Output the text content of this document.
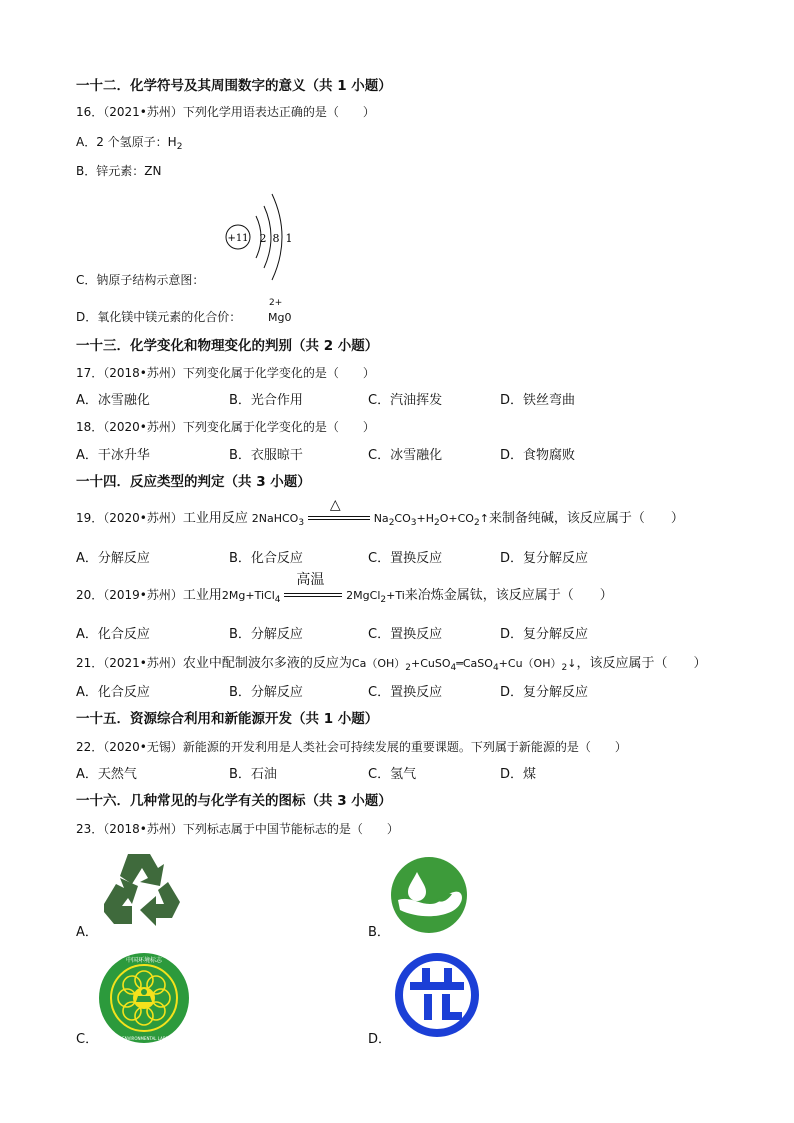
一十二．化学符号及其周围数字的意义（共 1 小题）
16．（2021•苏州）下列化学用语表达正确的是（　　）
A．2 个氢原子：$H_2$
B．锌元素：ZN
+11 2 8 1
C．钠原子结构示意图：
D．氧化镁中镁元素的化合价：
2+
Mg0
一十三．化学变化和物理变化的判别（共 2 小题）
17．（2018•苏州）下列变化属于化学变化的是（　　）
A．冰雪融化	B．光合作用	C．汽油挥发	D．铁丝弯曲
18．（2020•苏州）下列变化属于化学变化的是（　　）
A．干冰升华	B．衣服晾干	C．冰雪融化	D．食物腐败
一十四．反应类型的判定（共 3 小题）
19．（2020•苏州）工业用反应 2NaHCO$_3$
△
$Na_2CO_3+H_2O+CO_2↑$来制备纯碱，该反应属于（　　）
A．分解反应	B．化合反应	C．置换反应	D．复分解反应
20．（2019•苏州）工业用2Mg+TiCl$_4$
高温
2MgCl$_2$+Ti来冶炼金属钛，该反应属于（　　）
A．化合反应	B．分解反应	C．置换反应	D．复分解反应
21．（2021•苏州）农业中配制波尔多液的反应为$Ca(OH)_2+CuSO_4═CaSO_4+Cu(OH)_2↓$，该反应属于（　　）
A．化合反应	B．分解反应	C．置换反应	D．复分解反应
一十五．资源综合利用和新能源开发（共 1 小题）
22．（2020•无锡）新能源的开发利用是人类社会可持续发展的重要课题。下列属于新能源的是（　　）
A．天然气	B．石油	C．氢气	D．煤
一十六．几种常见的与化学有关的图标（共 3 小题）
23．（2018•苏州）下列标志属于中国节能标志的是（　　）
A．	B．
中国环境标志
CHINA ENVIRONMENTAL LABELLING
C．	D．
